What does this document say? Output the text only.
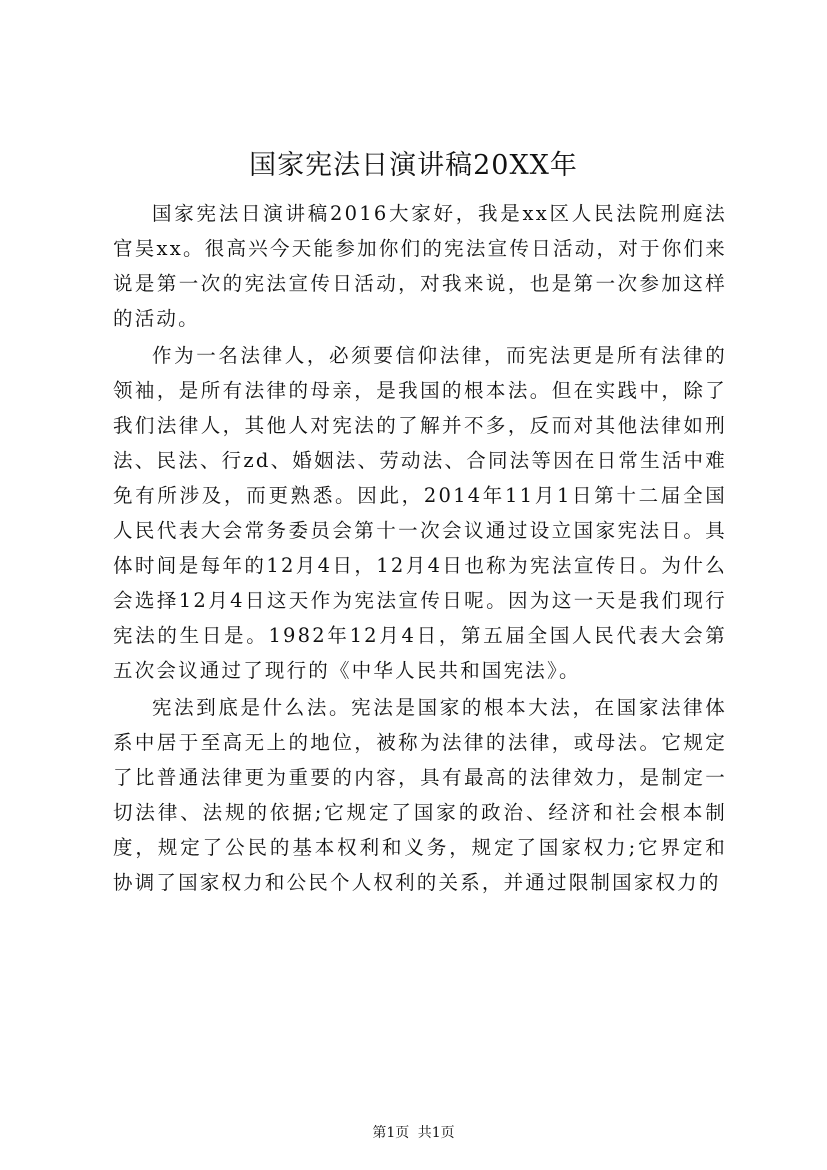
国家宪法日演讲稿20XX年

国家宪法日演讲稿2016大家好，我是xx区人民法院刑庭法官吴xx。很高兴今天能参加你们的宪法宣传日活动，对于你们来说是第一次的宪法宣传日活动，对我来说，也是第一次参加这样的活动。

作为一名法律人，必须要信仰法律，而宪法更是所有法律的领袖，是所有法律的母亲，是我国的根本法。但在实践中，除了我们法律人，其他人对宪法的了解并不多，反而对其他法律如刑法、民法、行zd、婚姻法、劳动法、合同法等因在日常生活中难免有所涉及，而更熟悉。因此，2014年11月1日第十二届全国人民代表大会常务委员会第十一次会议通过设立国家宪法日。具体时间是每年的12月4日，12月4日也称为宪法宣传日。为什么会选择12月4日这天作为宪法宣传日呢。因为这一天是我们现行宪法的生日是。1982年12月4日，第五届全国人民代表大会第五次会议通过了现行的《中华人民共和国宪法》。

宪法到底是什么法。宪法是国家的根本大法，在国家法律体系中居于至高无上的地位，被称为法律的法律，或母法。它规定了比普通法律更为重要的内容，具有最高的法律效力，是制定一切法律、法规的依据;它规定了国家的政治、经济和社会根本制度，规定了公民的基本权利和义务，规定了国家权力;它界定和协调了国家权力和公民个人权利的关系，并通过限制国家权力的

第1页 共1页
